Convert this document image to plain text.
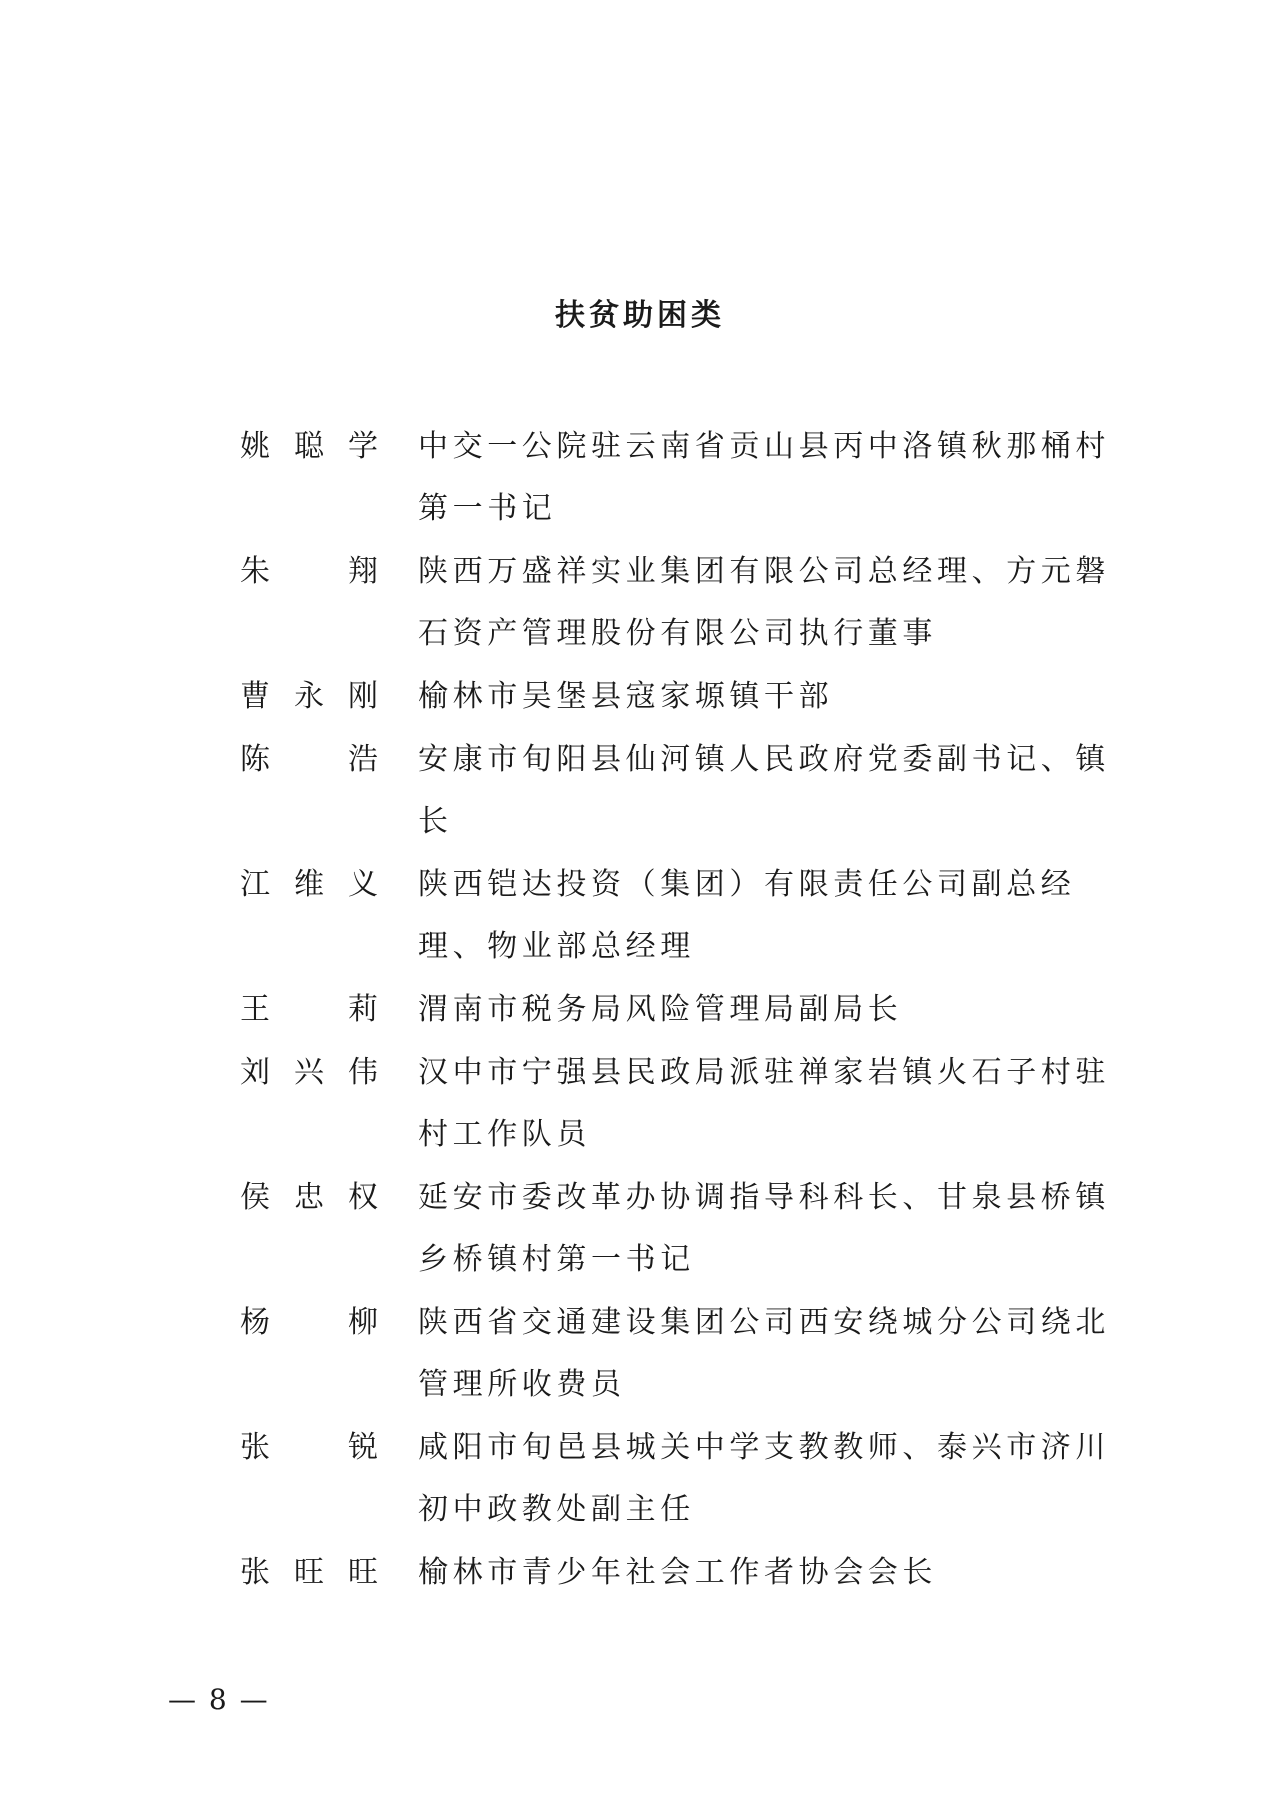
扶贫助困类
姚 聪 学 中交一公院驻云南省贡山县丙中洛镇秋那桶村第一书记
朱	翔 陕西万盛祥实业集团有限公司总经理、方元磐石资产管理股份有限公司执行董事
曹 永 刚 榆林市吴堡县寇家塬镇干部
陈	浩 安康市旬阳县仙河镇人民政府党委副书记、镇长
江 维 义 陕西铠达投资（集团）有限责任公司副总经理、物业部总经理
王	莉 渭南市税务局风险管理局副局长
刘 兴 伟 汉中市宁强县民政局派驻禅家岩镇火石子村驻村工作队员
侯 忠 权 延安市委改革办协调指导科科长、甘泉县桥镇乡桥镇村第一书记
杨	柳 陕西省交通建设集团公司西安绕城分公司绕北管理所收费员
张	锐 咸阳市旬邑县城关中学支教教师、泰兴市济川初中政教处副主任
张 旺 旺 榆林市青少年社会工作者协会会长
— 8 —
